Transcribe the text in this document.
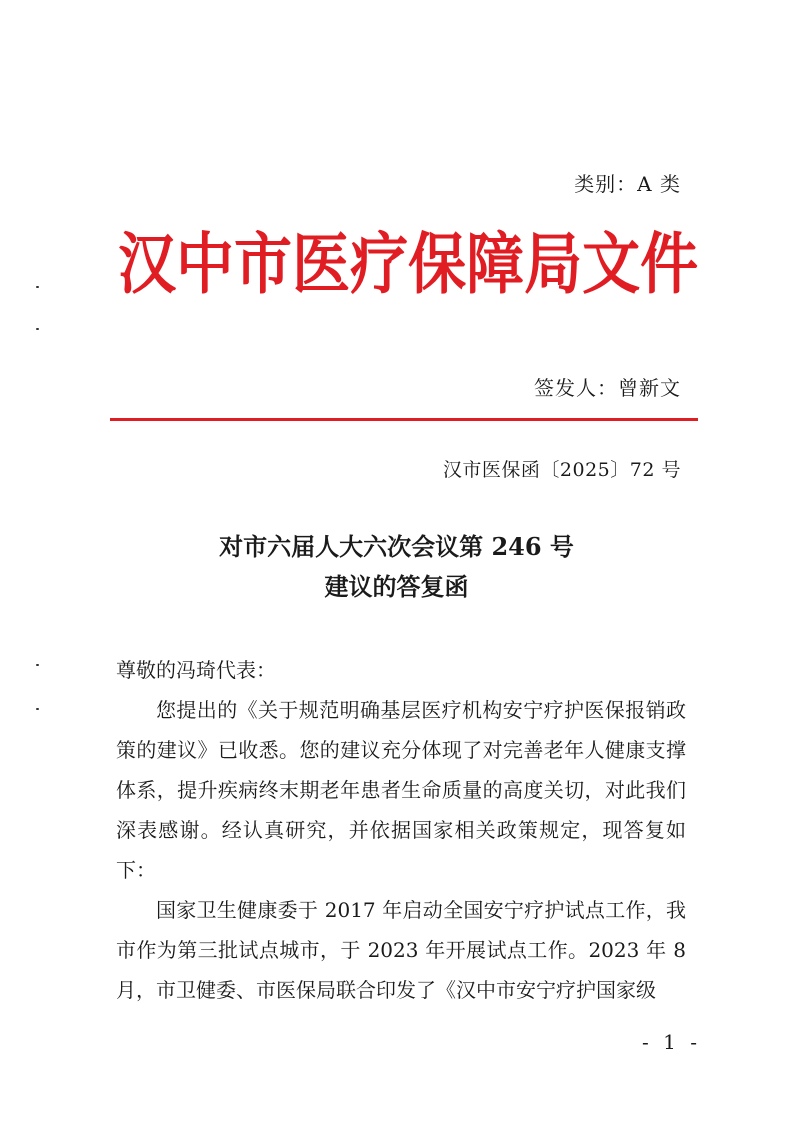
类别：A 类
汉 中 市 医 疗 保 障 局 文 件
签发人：曾新文
汉市医保函〔2025〕72 号
对市六届人大六次会议第 246 号
建议的答复函
尊敬的冯琦代表：

您提出的《关于规范明确基层医疗机构安宁疗护医保报销政策的建议》已收悉。您的建议充分体现了对完善老年人健康支撑体系，提升疾病终末期老年患者生命质量的高度关切，对此我们深表感谢。经认真研究，并依据国家相关政策规定，现答复如下：

国家卫生健康委于 2017 年启动全国安宁疗护试点工作，我市作为第三批试点城市，于 2023 年开展试点工作。2023 年 8 月，市卫健委、市医保局联合印发了《汉中市安宁疗护国家级

- 1 -
